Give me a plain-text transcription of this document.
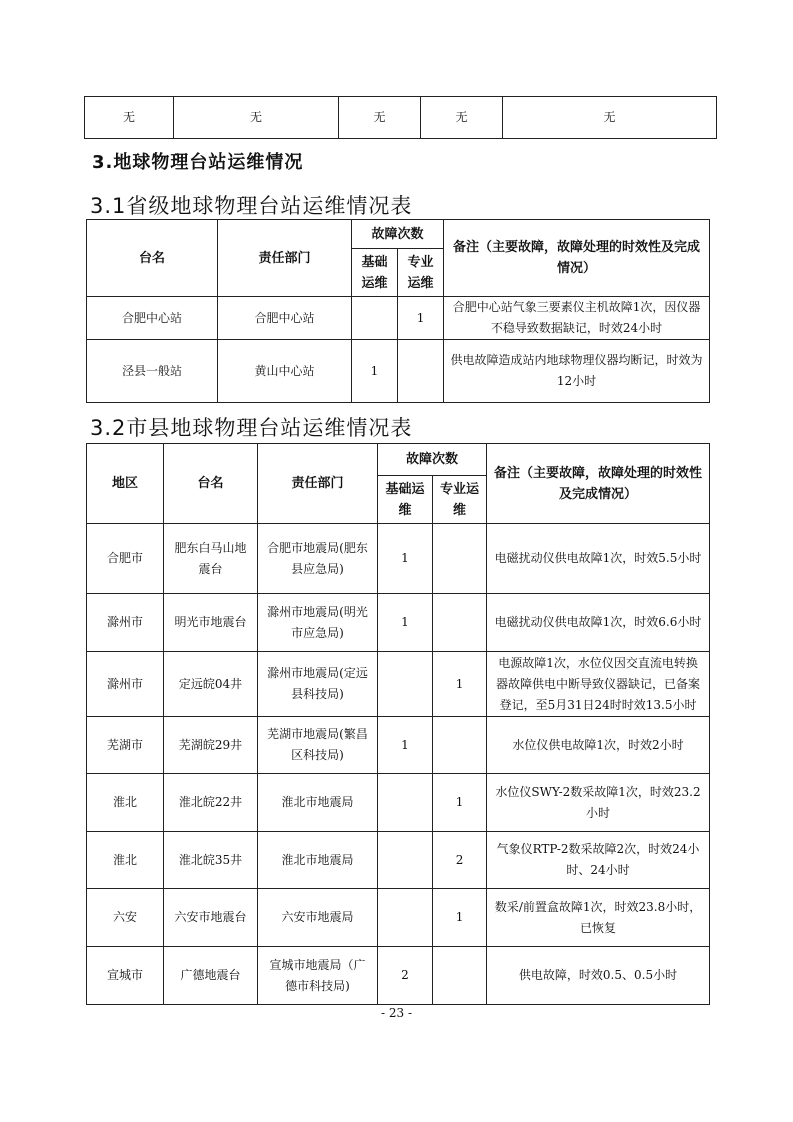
无	无	无	无	无
3.地球物理台站运维情况
3.1省级地球物理台站运维情况表
台名	责任部门	故障次数		备注（主要故障，故障处理的时效性及完成情况）
		基础运维	专业运维	
合肥中心站	合肥中心站		1	合肥中心站气象三要素仪主机故障1次，因仪器不稳导致数据缺记，时效24小时
泾县一般站	黄山中心站	1		供电故障造成站内地球物理仪器均断记，时效为12小时
3.2市县地球物理台站运维情况表
地区	台名	责任部门	故障次数		备注（主要故障，故障处理的时效性及完成情况）
			基础运维	专业运维	
合肥市	肥东白马山地震台	合肥市地震局(肥东县应急局)	1		电磁扰动仪供电故障1次，时效5.5小时
滁州市	明光市地震台	滁州市地震局(明光市应急局)	1		电磁扰动仪供电故障1次，时效6.6小时
滁州市	定远皖04井	滁州市地震局(定远县科技局)		1	电源故障1次，水位仪因交直流电转换器故障供电中断导致仪器缺记，已备案登记，至5月31日24时时效13.5小时
芜湖市	芜湖皖29井	芜湖市地震局(繁昌区科技局)	1		水位仪供电故障1次，时效2小时
淮北	淮北皖22井	淮北市地震局		1	水位仪SWY-2数采故障1次，时效23.2小时
淮北	淮北皖35井	淮北市地震局		2	气象仪RTP-2数采故障2次，时效24小时、24小时
六安	六安市地震台	六安市地震局		1	数采/前置盒故障1次，时效23.8小时，已恢复
宣城市	广德地震台	宣城市地震局（广德市科技局)	2		供电故障，时效0.5、0.5小时
- 23 -
